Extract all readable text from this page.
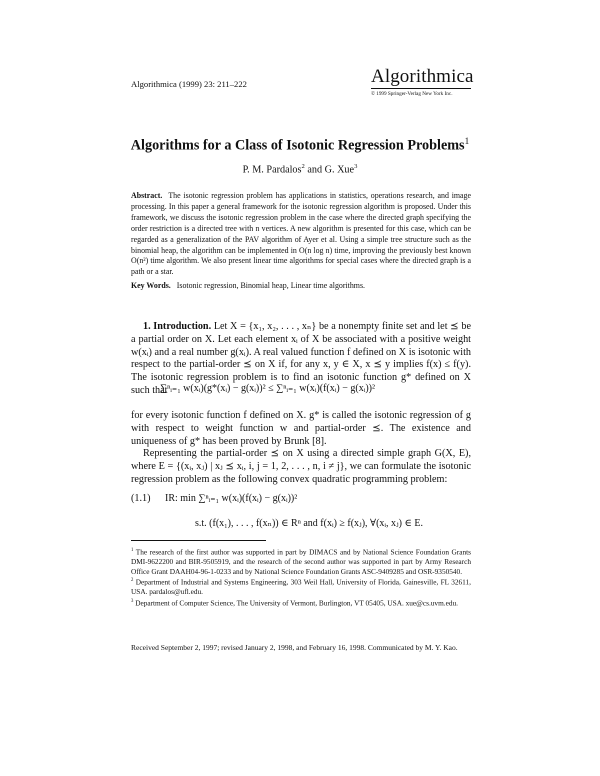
Algorithmica (1999) 23: 211–222	Algorithmica
© 1999 Springer-Verlag New York Inc.
Algorithms for a Class of Isotonic Regression Problems$^1$
P. M. Pardalos$^2$ and G. Xue$^3$
Abstract. The isotonic regression problem has applications in statistics, operations research, and image processing. In this paper a general framework for the isotonic regression algorithm is proposed. Under this framework, we discuss the isotonic regression problem in the case where the directed graph specifying the order restriction is a directed tree with n vertices. A new algorithm is presented for this case, which can be regarded as a generalization of the PAV algorithm of Ayer et al. Using a simple tree structure such as the binomial heap, the algorithm can be implemented in O(n log n) time, improving the previously best known O(n²) time algorithm. We also present linear time algorithms for special cases where the directed graph is a path or a star.
Key Words. Isotonic regression, Binomial heap, Linear time algorithms.

1. Introduction. Let X = {x₁, x₂, . . . , xₙ} be a nonempty finite set and let ⪯ be a partial order on X. Let each element xᵢ of X be associated with a positive weight w(xᵢ) and a real number g(xᵢ). A real valued function f defined on X is isotonic with respect to the partial-order ⪯ on X if, for any x, y ∈ X, x ⪯ y implies f(x) ≤ f(y). The isotonic regression problem is to find an isotonic function g* defined on X such that

∑ⁿᵢ₌₁ w(xᵢ)(g*(xᵢ) − g(xᵢ))² ≤ ∑ⁿᵢ₌₁ w(xᵢ)(f(xᵢ) − g(xᵢ))²

for every isotonic function f defined on X. g* is called the isotonic regression of g with respect to weight function w and partial-order ⪯. The existence and uniqueness of g* has been proved by Brunk [8].

Representing the partial-order ⪯ on X using a directed simple graph G(X, E), where E = {(xᵢ, xⱼ) | xⱼ ⪯ xᵢ, i, j = 1, 2, . . . , n, i ≠ j}, we can formulate the isotonic regression problem as the following convex quadratic programming problem:

(1.1) IR: min ∑ⁿᵢ₌₁ w(xᵢ)(f(xᵢ) − g(xᵢ))²
s.t. (f(x₁), . . . , f(xₙ)) ∈ Rⁿ and f(xᵢ) ≥ f(xⱼ), ∀(xᵢ, xⱼ) ∈ E.

$^1$ The research of the first author was supported in part by DIMACS and by National Science Foundation Grants DMI-9622200 and BIR-9505919, and the research of the second author was supported in part by Army Research Office Grant DAAH04-96-1-0233 and by National Science Foundation Grants ASC-9409285 and OSR-9350540.

$^2$ Department of Industrial and Systems Engineering, 303 Weil Hall, University of Florida, Gainesville, FL 32611, USA. pardalos@ufl.edu.

$^3$ Department of Computer Science, The University of Vermont, Burlington, VT 05405, USA. xue@cs.uvm.edu.

Received September 2, 1997; revised January 2, 1998, and February 16, 1998. Communicated by M. Y. Kao.
